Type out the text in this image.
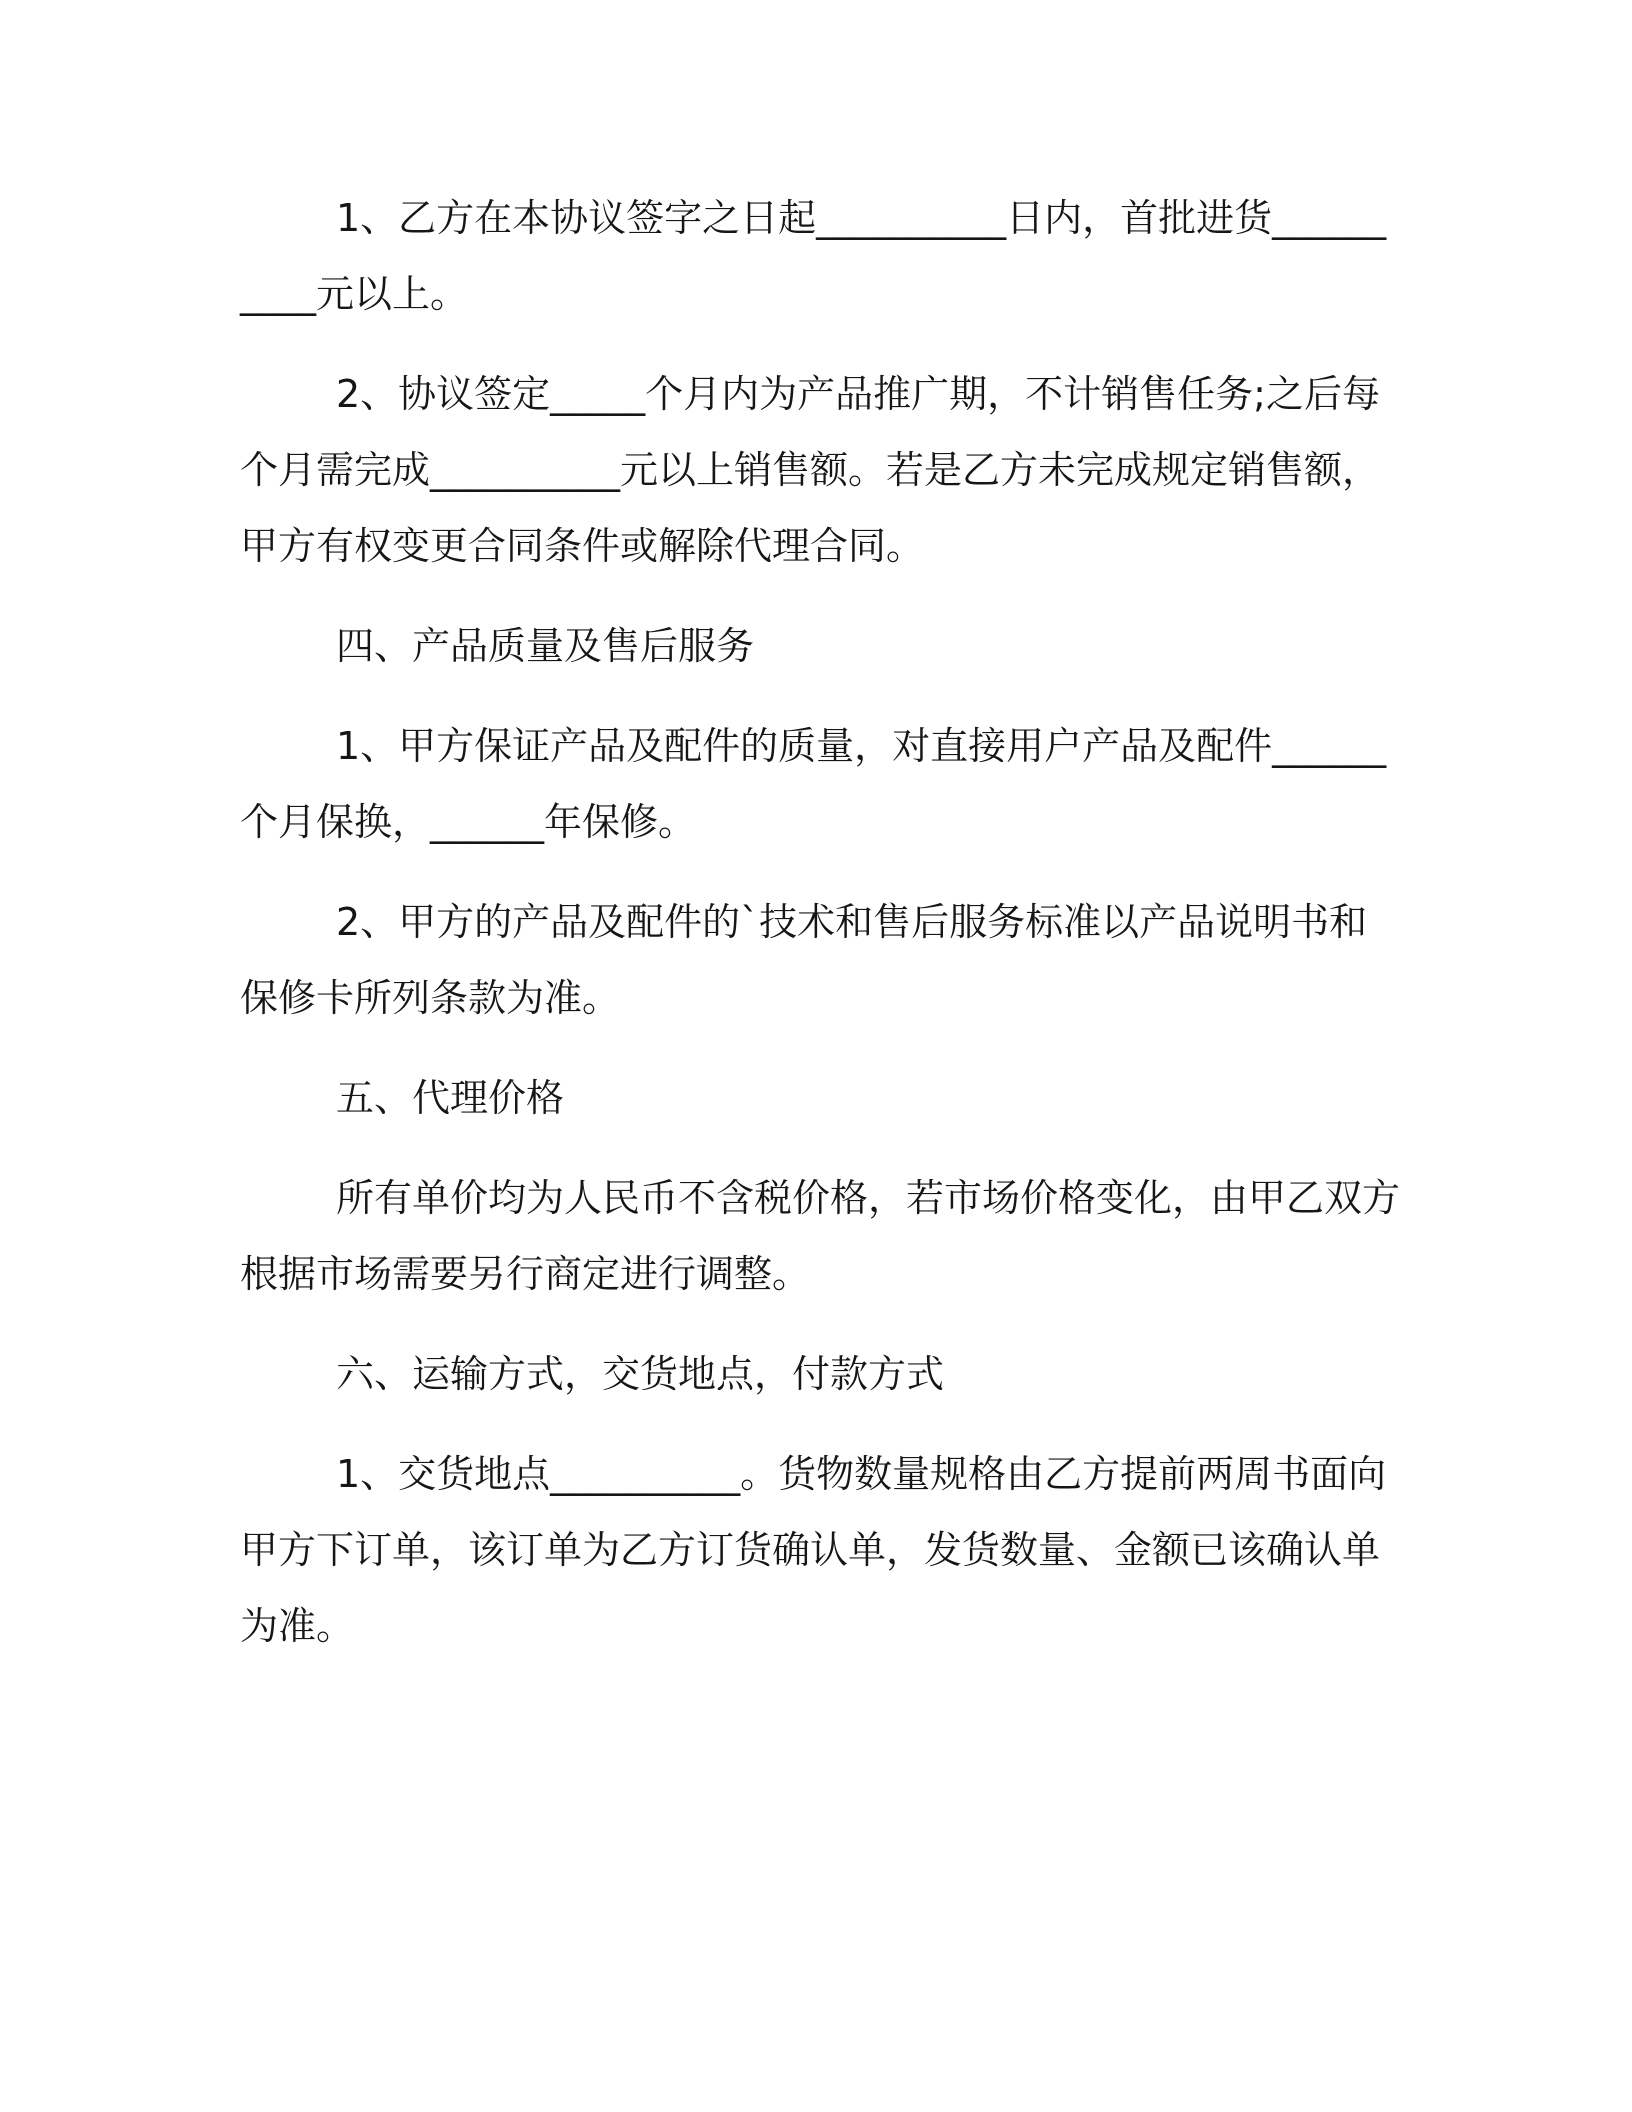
1、乙方在本协议签字之日起__________日内，首批进货__________元以上。

2、协议签定_____个月内为产品推广期，不计销售任务;之后每个月需完成__________元以上销售额。若是乙方未完成规定销售额，甲方有权变更合同条件或解除代理合同。

四、产品质量及售后服务

1、甲方保证产品及配件的质量，对直接用户产品及配件______个月保换，______年保修。

2、甲方的产品及配件的`技术和售后服务标准以产品说明书和保修卡所列条款为准。

五、代理价格

所有单价均为人民币不含税价格，若市场价格变化，由甲乙双方根据市场需要另行商定进行调整。

六、运输方式，交货地点，付款方式

1、交货地点__________。货物数量规格由乙方提前两周书面向甲方下订单，该订单为乙方订货确认单，发货数量、金额已该确认单为准。
